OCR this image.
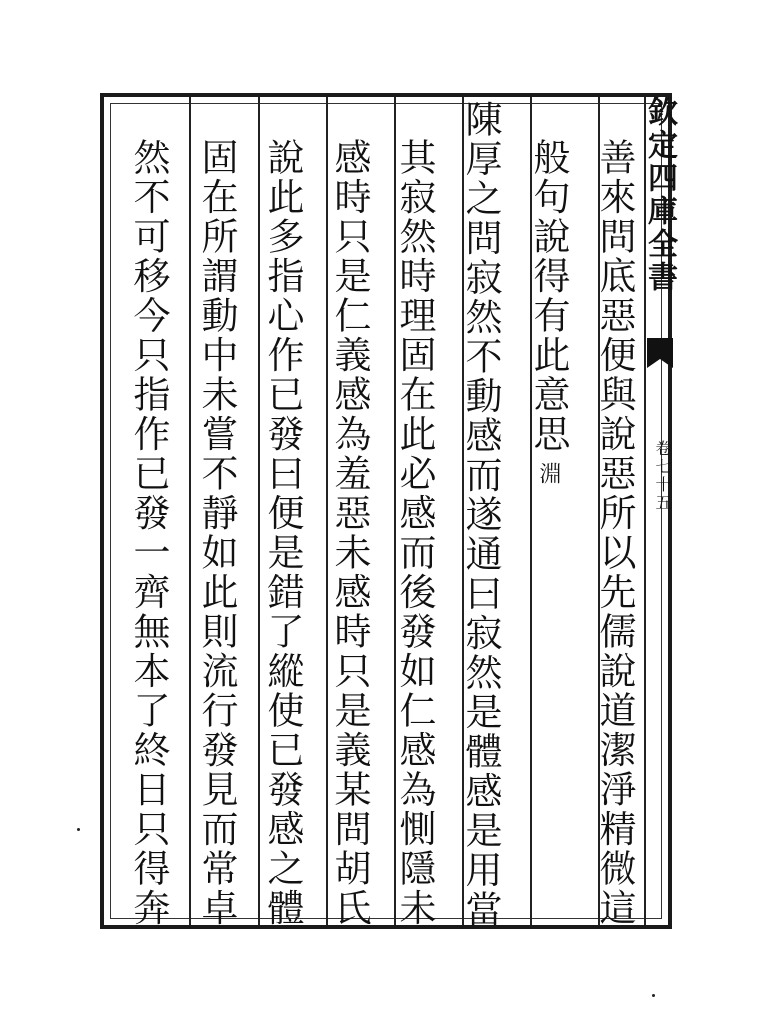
善來問底惡便與說惡所以先儒說道潔淨精微這
般句說得有此意思淵
陳厚之問寂然不動感而遂通曰寂然是體感是用當
其寂然時理固在此必感而後發如仁感為惻隱未
感時只是仁義感為羞惡未感時只是義某問胡氏
說此多指心作已發曰便是錯了縱使已發感之體
固在所謂動中未嘗不靜如此則流行發見而常卓
然不可移今只指作已發一齊無本了終日只得奔	欽定四庫全書
卷七十五
